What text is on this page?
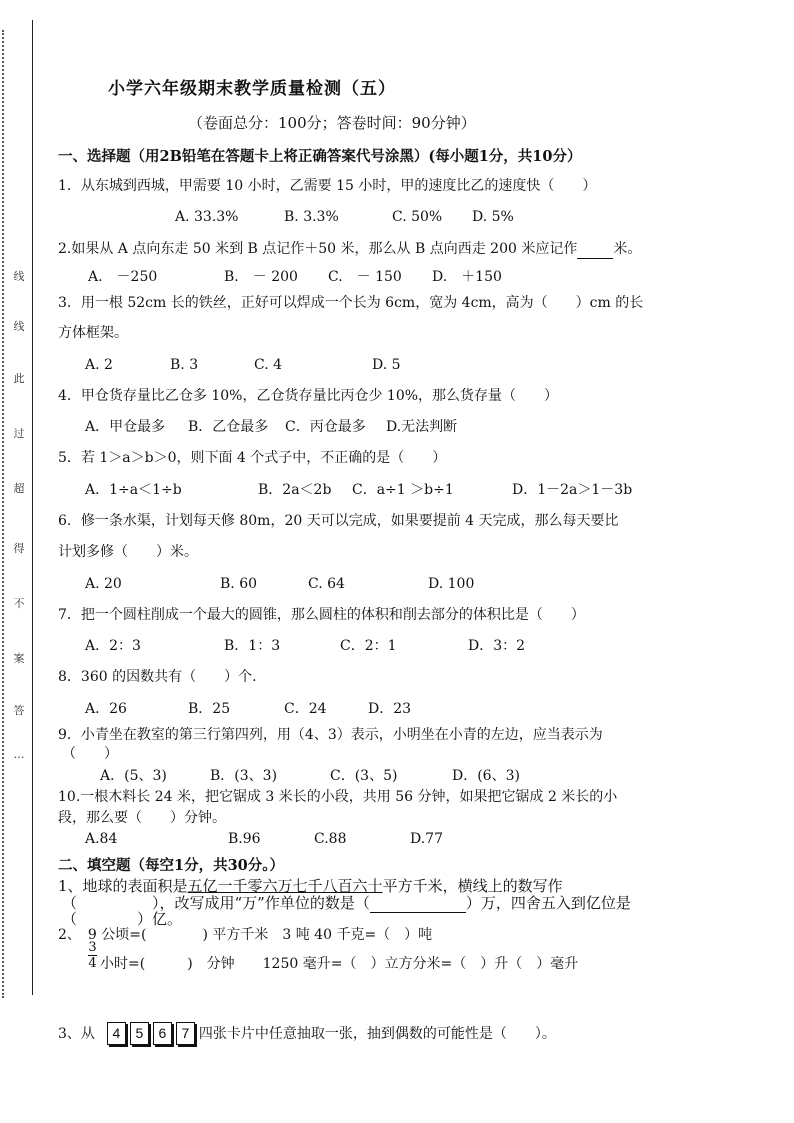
线
线
此
过
超
得
不
案
答
…
小学六年级期末教学质量检测（五）
（卷面总分：100分；答卷时间：90分钟）
一、选择题（用2B铅笔在答题卡上将正确答案代号涂黑）(每小题1分，共10分）
1．从东城到西城，甲需要 10 小时，乙需要 15 小时，甲的速度比乙的速度快（　　）
A. 33.3%	B. 3.3%	C. 50% D. 5%
2.如果从 A 点向东走 50 米到 B 点记作＋50 米，那么从 B 点向西走 200 米应记作	米。
A.　－250	B.　－ 200 C.　－ 150 D.　＋150
3．用一根 52cm 长的铁丝，正好可以焊成一个长为 6cm，宽为 4cm，高为（　　）cm 的长
方体框架。
A. 2	B. 3	C. 4	D. 5
4．甲仓货存量比乙仓多 10%，乙仓货存量比丙仓少 10%，那么货存量（　　）
A．甲仓最多 B．乙仓最多 C．丙仓最多 D.无法判断
5．若 1＞a＞b＞0，则下面 4 个式子中，不正确的是（　　）
A．1÷a＜1÷b	B．2a＜2b C．a÷1 ＞b÷1	D．1－2a＞1－3b
6．修一条水渠，计划每天修 80m，20 天可以完成，如果要提前 4 天完成，那么每天要比
计划多修（　　）米。
A. 20	B. 60	C. 64	D. 100
7．把一个圆柱削成一个最大的圆锥，那么圆柱的体积和削去部分的体积比是（　　）
A．2：3	B．1：3	C．2：1	D．3：2
8．360 的因数共有（　　）个.
A．26	B．25	C．24	D．23
9．小青坐在教室的第三行第四列，用（4、3）表示，小明坐在小青的左边，应当表示为
（　　）
A．(5、3)	B．(3、3)	C．(3、5)	D．(6、3)
10.一根木料长 24 米，把它锯成 3 米长的小段，共用 56 分钟，如果把它锯成 2 米长的小
段，那么要（　　）分钟。
A.84	B.96	C.88	D.77
二、填空题（每空1分，共30分。）
1、地球的表面积是五亿一千零六万七千八百六十平方千米，横线上的数写作
（　　　　　），改写成用“万”作单位的数是（	）万，四舍五入到亿位是
（　　　　）亿。
2、　9 公顷=(　　　　) 平方千米　3 吨 40 千克=（　）吨
3
4 小时=(　　　)　分钟　　1250 毫升=（　）立方分米=（　）升（　）毫升
3、从 4 5 6 7 四张卡片中任意抽取一张，抽到偶数的可能性是（　　）。
